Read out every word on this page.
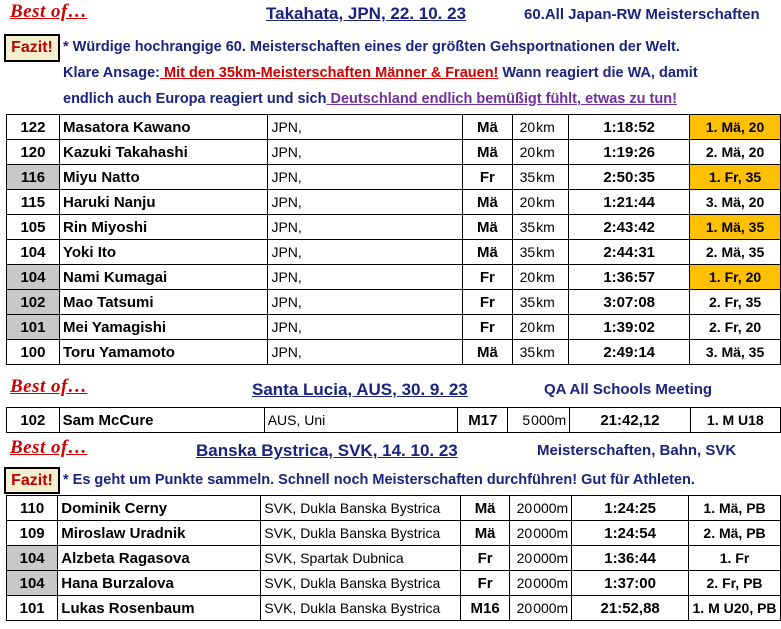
Best of…	Takahata, JPN, 22. 10. 23	60.All Japan-RW Meisterschaften
Fazit! * Würdige hochrangige 60. Meisterschaften eines der größten Gehsportnationen der Welt.
Klare Ansage: Mit den 35km-Meisterschaften Männer & Frauen! Wann reagiert die WA, damit
endlich auch Europa reagiert und sich Deutschland endlich bemüßigt fühlt, etwas zu tun!
122	Masatora Kawano	JPN,	Mä	20	km	1:18:52	1. Mä, 20
120	Kazuki Takahashi	JPN,	Mä	20	km	1:19:26	2. Mä, 20
116	Miyu Natto	JPN,	Fr	35	km	2:50:35	1. Fr, 35
115	Haruki Nanju	JPN,	Mä	20	km	1:21:44	3. Mä, 20
105	Rin Miyoshi	JPN,	Mä	35	km	2:43:42	1. Mä, 35
104	Yoki Ito	JPN,	Mä	35	km	2:44:31	2. Mä, 35
104	Nami Kumagai	JPN,	Fr	20	km	1:36:57	1. Fr, 20
102	Mao Tatsumi	JPN,	Fr	35	km	3:07:08	2. Fr, 35
101	Mei Yamagishi	JPN,	Fr	20	km	1:39:02	2. Fr, 20
100	Toru Yamamoto	JPN,	Mä	35	km	2:49:14	3. Mä, 35
Best of…	Santa Lucia, AUS, 30. 9. 23	QA All Schools Meeting
102	Sam McCure	AUS, Uni	M17	5	000m	21:42,12	1. M U18
Best of…	Banska Bystrica, SVK, 14. 10. 23	Meisterschaften, Bahn, SVK
Fazit! * Es geht um Punkte sammeln. Schnell noch Meisterschaften durchführen! Gut für Athleten.
110	Dominik Cerny	SVK, Dukla Banska Bystrica	Mä	20	000m	1:24:25	1. Mä, PB
109	Miroslaw Uradnik	SVK, Dukla Banska Bystrica	Mä	20	000m	1:24:54	2. Mä, PB
104	Alzbeta Ragasova	SVK, Spartak Dubnica	Fr	20	000m	1:36:44	1. Fr
104	Hana Burzalova	SVK, Dukla Banska Bystrica	Fr	20	000m	1:37:00	2. Fr, PB
101	Lukas Rosenbaum	SVK, Dukla Banska Bystrica	M16	20	000m	21:52,88	1. M U20, PB
